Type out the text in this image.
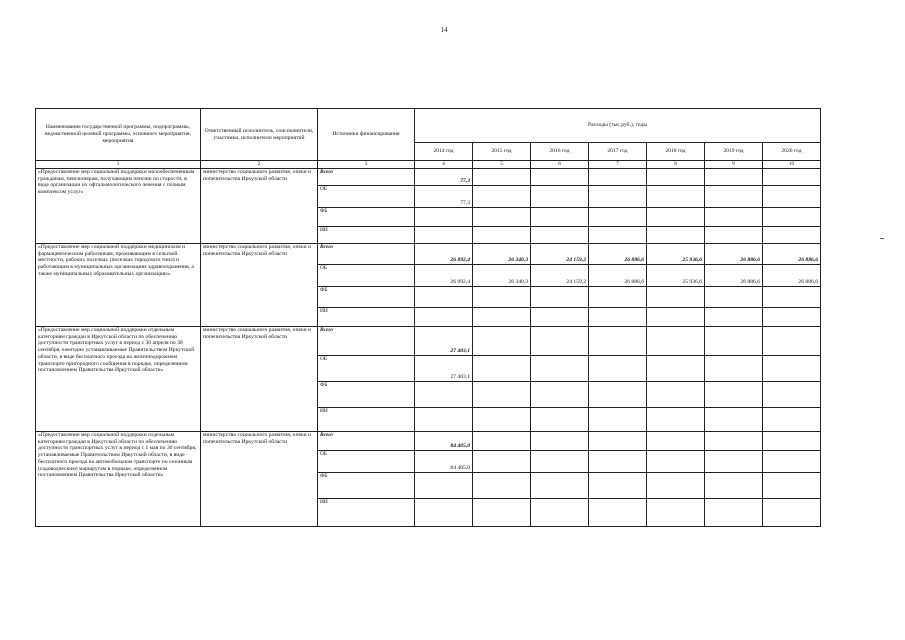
14
Наименование государственной программы, подпрограммы, ведомственной целевой программы, основного мероприятия, мероприятия	Ответственный исполнитель, соисполнители, участники, исполнители мероприятий	Источники финансирования	Расходы (тыс.руб.), годы						
			2014 год	2015 год	2016 год	2017 год	2018 год	2019 год	2020 год
1	2	3	4	5	6	7	8	9	10
«Предоставление мер социальной поддержки малообеспеченным гражданам, пенсионерам, получающим пенсию по старости, в виде организации их офтальмологического лечения с полным комплексом услуг»	министерство социального развития, опеки и попечительства Иркутской области	Всего	77,3						
		ОБ	77,3						
		ФБ							
		ИИ							
«Предоставление мер социальной поддержки медицинским и фармацевтическим работникам, проживающим в сельской местности, рабочих поселках (поселках городского типа) и работающим в муниципальных организациях здравоохранения, а также муниципальных образовательных организациях»	министерство социального развития, опеки и попечительства Иркутской области	Всего	26 892,4	26 340,3	24 159,2	26 886,6	25 936,6	26 886,6	26 886,6
		ОБ	26 892,4	26 340,3	24 159,2	26 886,6	25 936,6	26 886,6	26 886,6
		ФБ							
		ИИ							
«Предоставление мер социальной поддержки отдельным категориям граждан в Иркутской области по обеспечению доступности транспортных услуг в период с 30 апреля по 30 сентября, ежегодно устанавливаемые Правительством Иркутской области, в виде бесплатного проезда на железнодорожном транспорте пригородного сообщения в порядке, определенном постановлением Правительства Иркутской области»	министерство социального развития, опеки и попечительства Иркутской области	Всего	27 403,1						
		ОБ	27 403,1						
		ФБ							
		ИИ							
«Предоставление мер социальной поддержки отдельным категориям граждан в Иркутской области по обеспечению доступности транспортных услуг в период с 1 мая по 30 сентября, устанавливаемые Правительством Иркутской области, в виде бесплатного проезда на автомобильном транспорте по сезонным (садоводческим) маршрутам в порядке, определенном постановлением Правительства Иркутской области»	министерство социального развития, опеки и попечительства Иркутской области	Всего	84 405,0						
		ОБ	84 405,0						
		ФБ							
		ИИ							
